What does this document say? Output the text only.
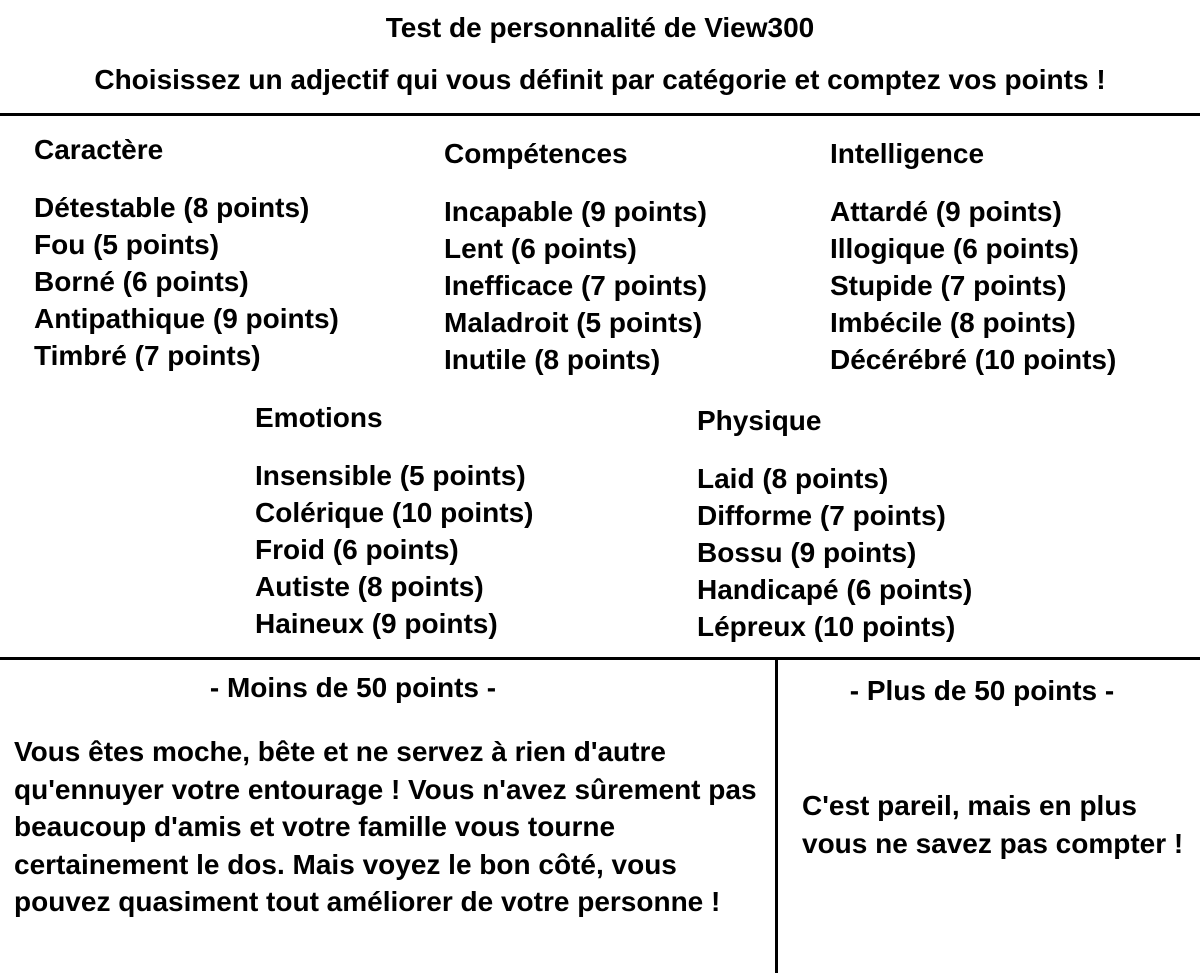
Test de personnalité de View300
Choisissez un adjectif qui vous définit par catégorie et comptez vos points !
Caractère
Détestable (8 points)
Fou (5 points)
Borné (6 points)
Antipathique (9 points)
Timbré (7 points)
Compétences
Incapable (9 points)
Lent (6 points)
Inefficace (7 points)
Maladroit (5 points)
Inutile (8 points)
Intelligence
Attardé (9 points)
Illogique (6 points)
Stupide (7 points)
Imbécile (8 points)
Décérébré (10 points)
Emotions
Insensible (5 points)
Colérique (10 points)
Froid (6 points)
Autiste (8 points)
Haineux (9 points)
Physique
Laid (8 points)
Difforme (7 points)
Bossu (9 points)
Handicapé (6 points)
Lépreux (10 points)
- Moins de 50 points -
Vous êtes moche, bête et ne servez à rien d'autre qu'ennuyer votre entourage ! Vous n'avez sûrement pas beaucoup d'amis et votre famille vous tourne certainement le dos. Mais voyez le bon côté, vous pouvez quasiment tout améliorer de votre personne !
- Plus de 50 points -
C'est pareil, mais en plus vous ne savez pas compter !
